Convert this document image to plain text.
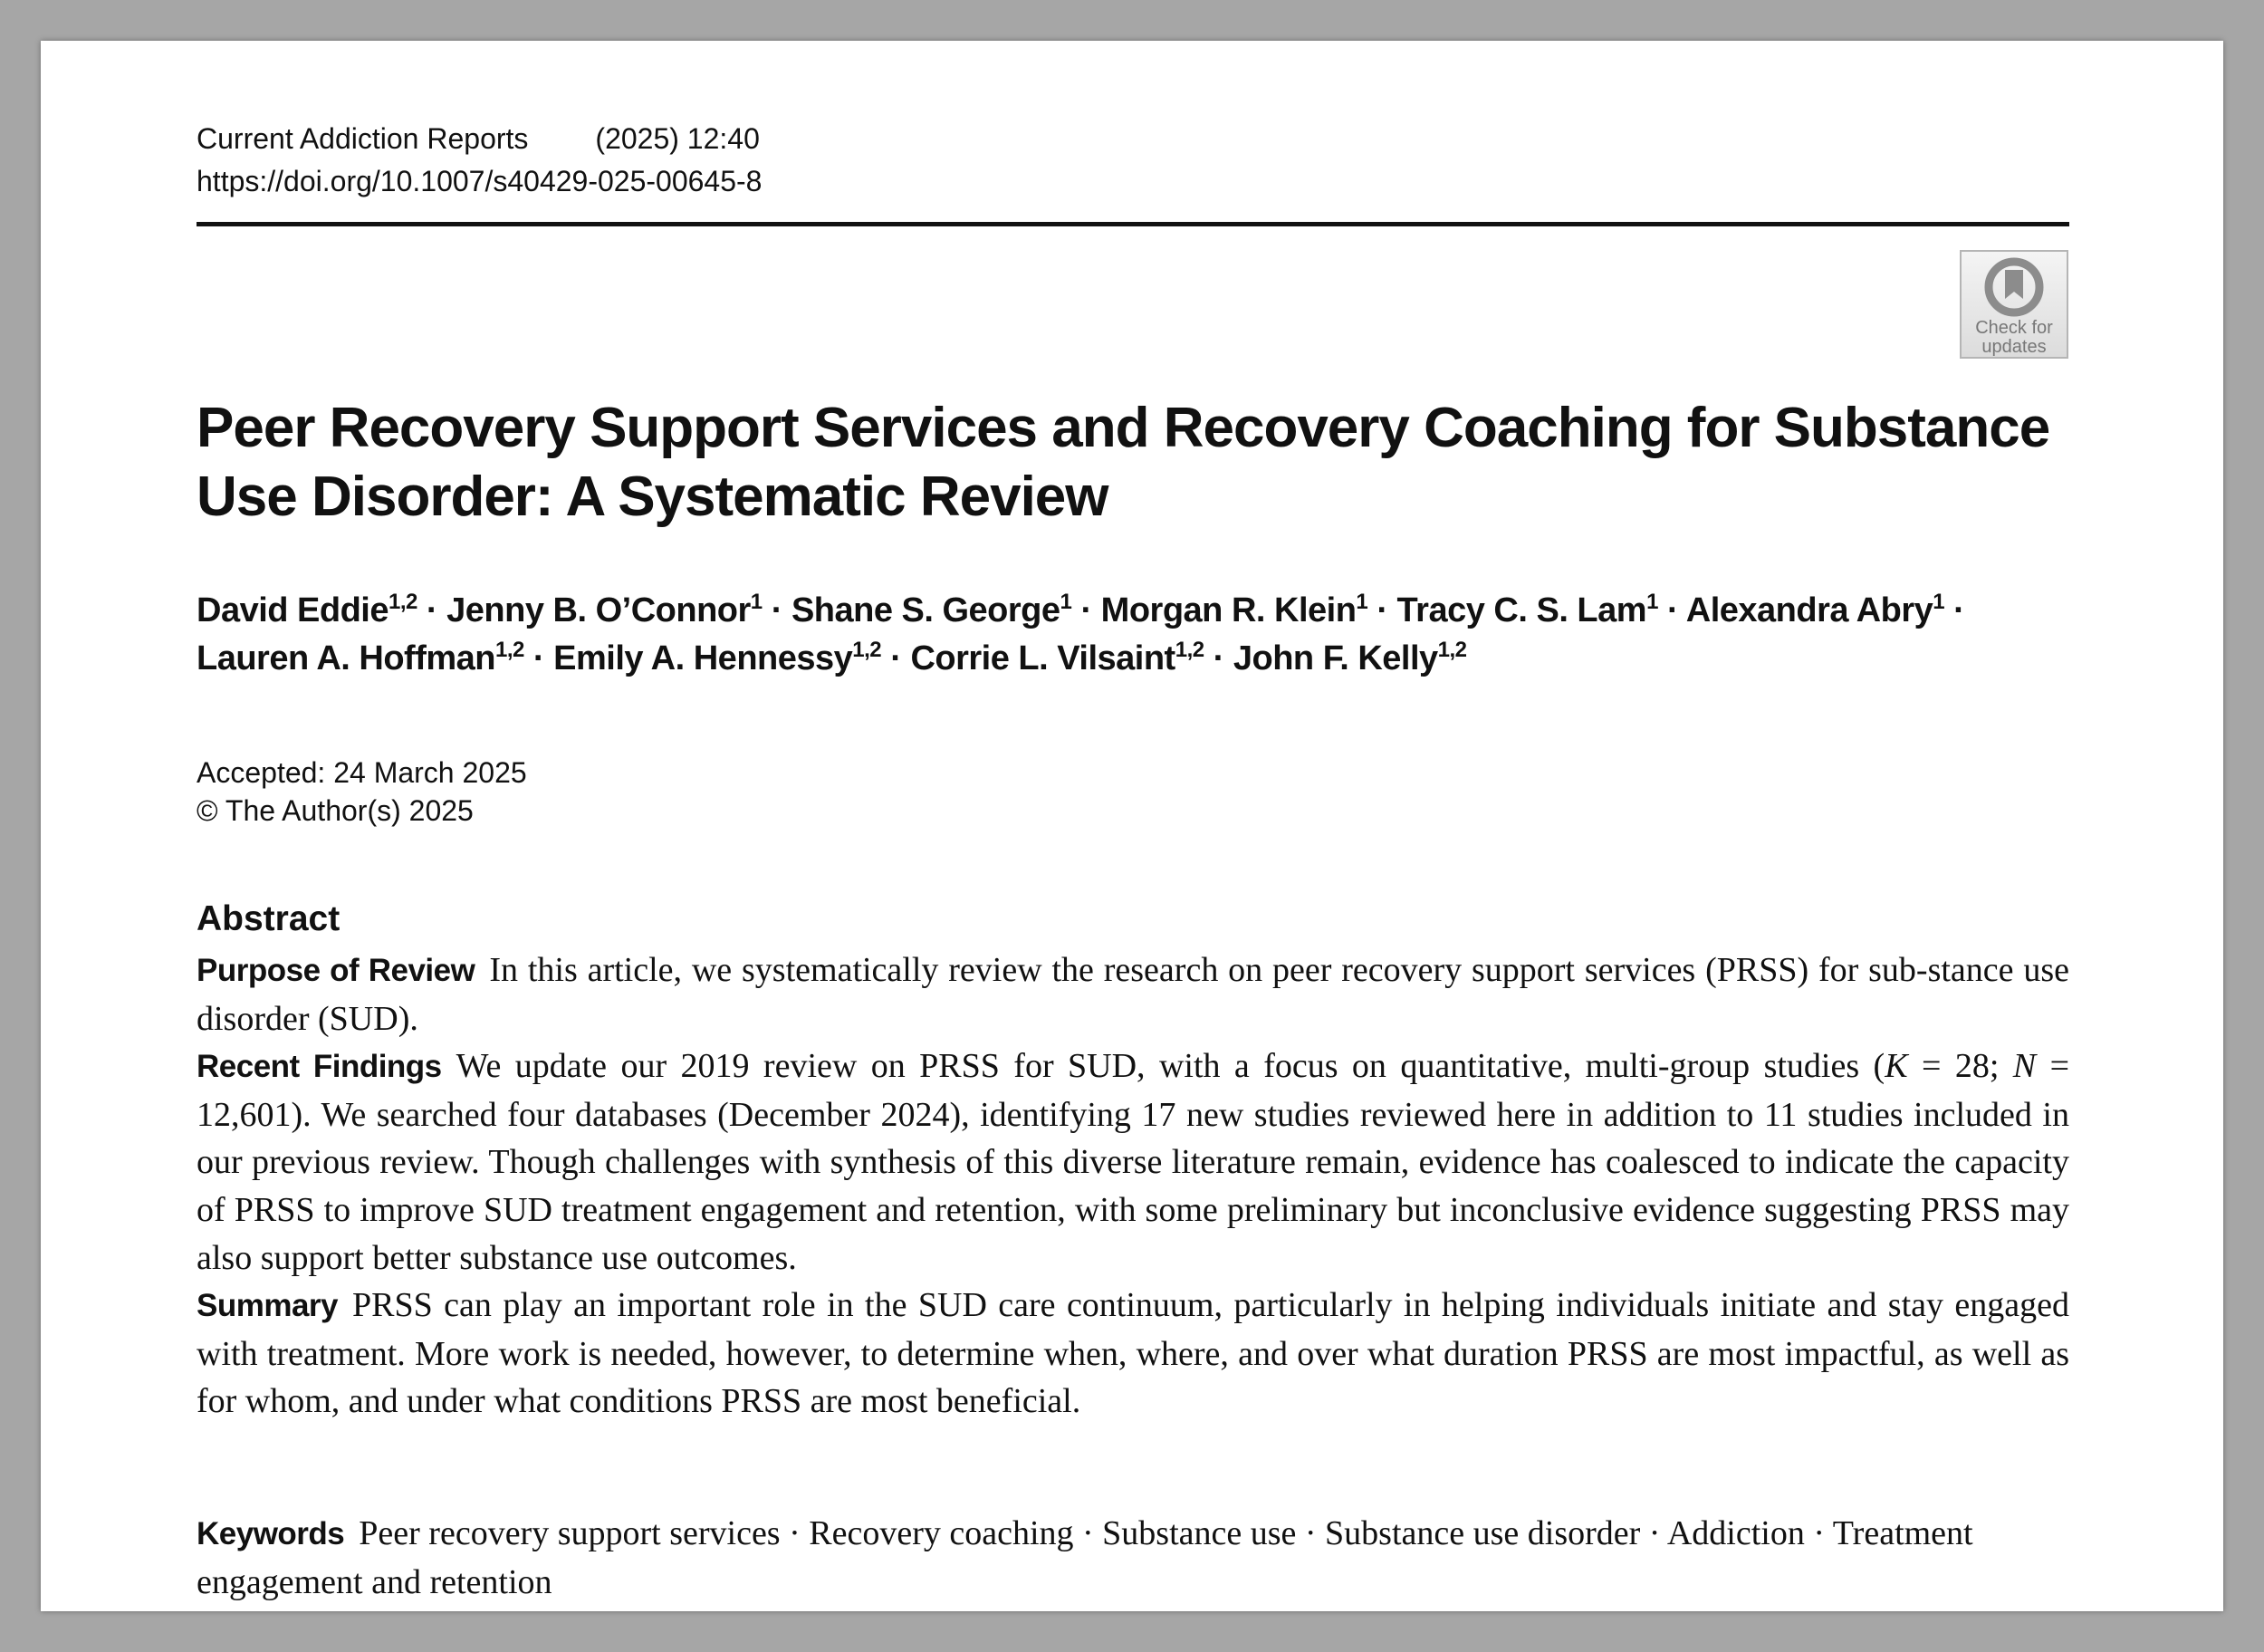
Current Addiction Reports (2025) 12:40
https://doi.org/10.1007/s40429-025-00645-8
Check for
updates
Peer Recovery Support Services and Recovery Coaching for Substance
Use Disorder: A Systematic Review
David Eddie$^{1,2}$ · Jenny B. O’Connor$^1$ · Shane S. George$^1$ · Morgan R. Klein$^1$ · Tracy C. S. Lam$^1$ · Alexandra Abry$^1$ ·
Lauren A. Hoffman$^{1,2}$ · Emily A. Hennessy$^{1,2}$ · Corrie L. Vilsaint$^{1,2}$ · John F. Kelly$^{1,2}$
Accepted: 24 March 2025
© The Author(s) 2025
Abstract

Purpose of Review In this article, we systematically review the research on peer recovery support services (PRSS) for sub-stance use disorder (SUD).

Recent Findings We update our 2019 review on PRSS for SUD, with a focus on quantitative, multi-group studies (K = 28; N = 12,601). We searched four databases (December 2024), identifying 17 new studies reviewed here in addition to 11 studies included in our previous review. Though challenges with synthesis of this diverse literature remain, evidence has coalesced to indicate the capacity of PRSS to improve SUD treatment engagement and retention, with some preliminary but inconclusive evidence suggesting PRSS may also support better substance use outcomes.

Summary PRSS can play an important role in the SUD care continuum, particularly in helping individuals initiate and stay engaged with treatment. More work is needed, however, to determine when, where, and over what duration PRSS are most impactful, as well as for whom, and under what conditions PRSS are most beneficial.

Keywords Peer recovery support services · Recovery coaching · Substance use · Substance use disorder · Addiction · Treatment engagement and retention
